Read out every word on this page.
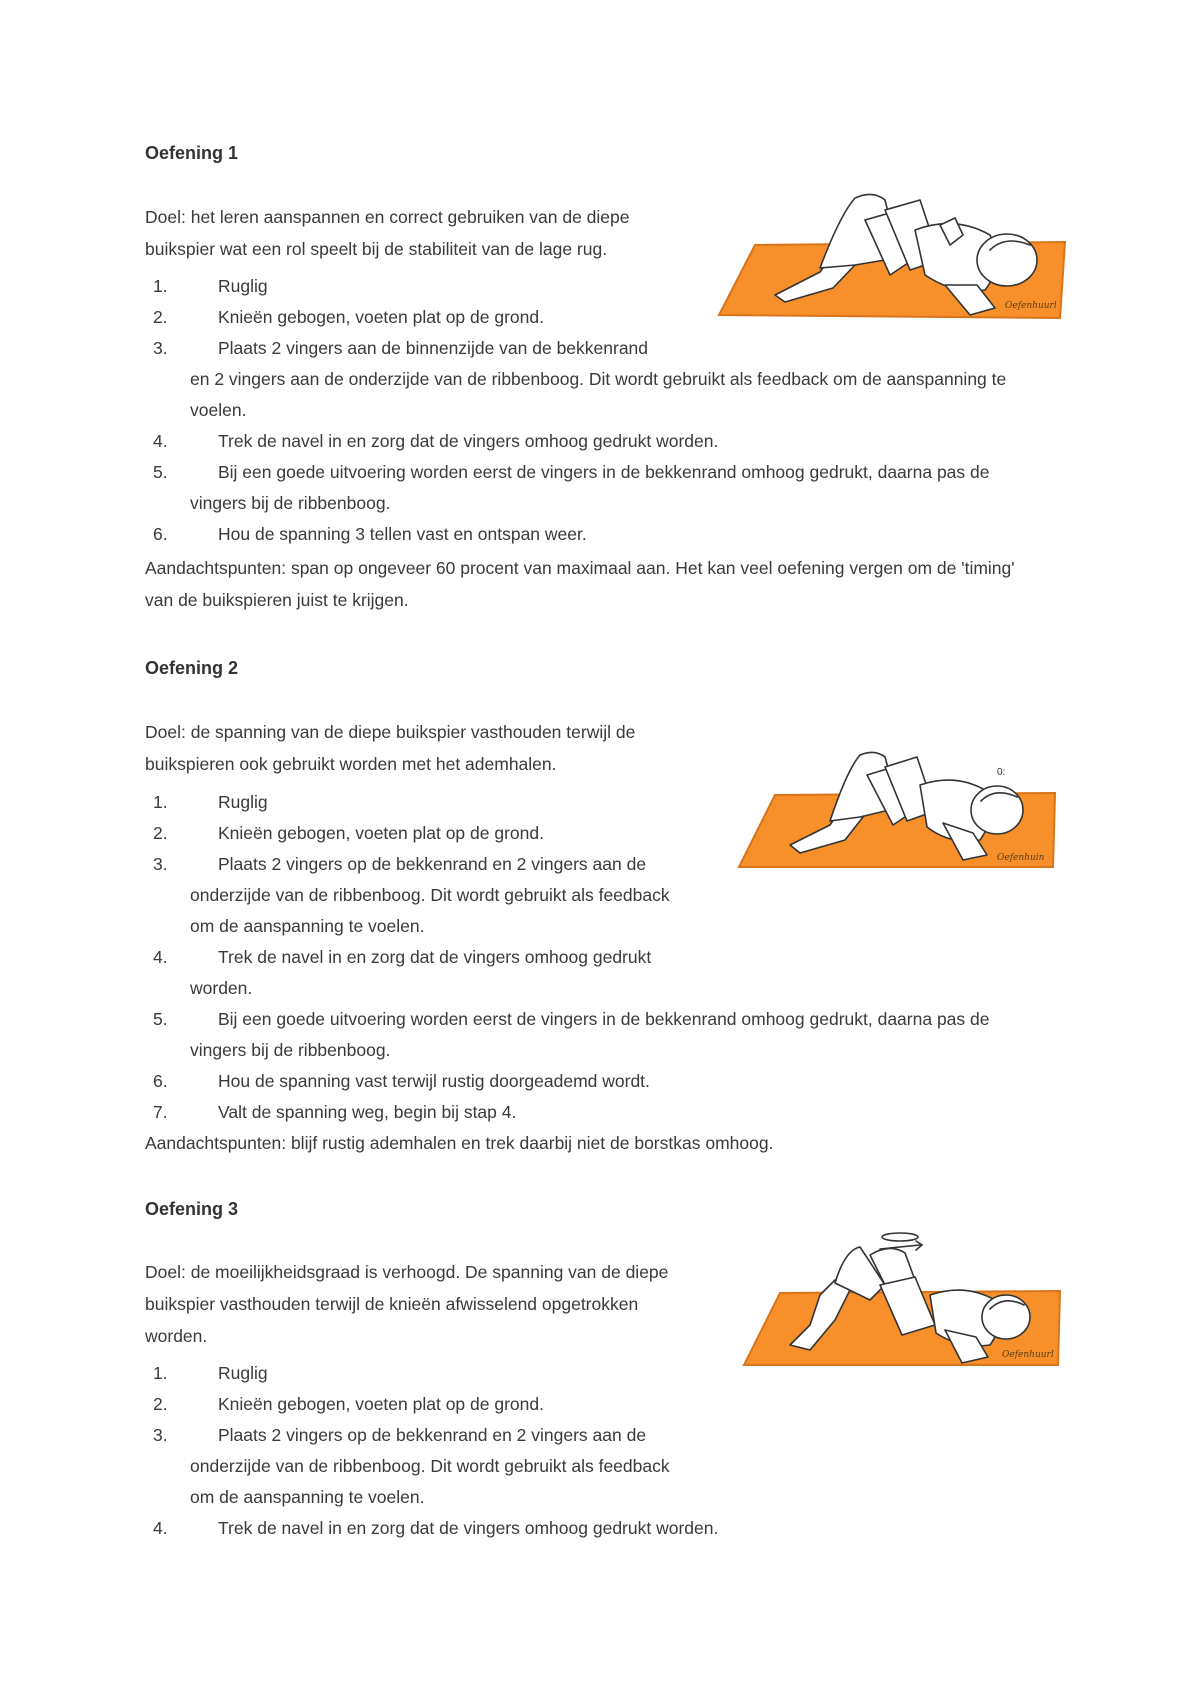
Oefening 1
Doel: het leren aanspannen en correct gebruiken van de diepe
buikspier wat een rol speelt bij de stabiliteit van de lage rug.
1.	Ruglig
2.	Knieën gebogen, voeten plat op de grond.
3.	Plaats 2 vingers aan de binnenzijde van de bekkenrand
en 2 vingers aan de onderzijde van de ribbenboog. Dit wordt gebruikt als feedback om de aanspanning te
voelen.
4.	Trek de navel in en zorg dat de vingers omhoog gedrukt worden.
5.	Bij een goede uitvoering worden eerst de vingers in de bekkenrand omhoog gedrukt, daarna pas de
vingers bij de ribbenboog.
6.	Hou de spanning 3 tellen vast en ontspan weer.
Aandachtspunten: span op ongeveer 60 procent van maximaal aan. Het kan veel oefening vergen om de 'timing'
van de buikspieren juist te krijgen.
Oefenhuurl
Oefening 2
Doel: de spanning van de diepe buikspier vasthouden terwijl de
buikspieren ook gebruikt worden met het ademhalen.
1.	Ruglig
2.	Knieën gebogen, voeten plat op de grond.
3.	Plaats 2 vingers op de bekkenrand en 2 vingers aan de
onderzijde van de ribbenboog. Dit wordt gebruikt als feedback
om de aanspanning te voelen.
4.	Trek de navel in en zorg dat de vingers omhoog gedrukt
worden.
5.	Bij een goede uitvoering worden eerst de vingers in de bekkenrand omhoog gedrukt, daarna pas de
vingers bij de ribbenboog.
6.	Hou de spanning vast terwijl rustig doorgeademd wordt.
7.	Valt de spanning weg, begin bij stap 4.
Aandachtspunten: blijf rustig ademhalen en trek daarbij niet de borstkas omhoog.
0:
Oefenhuin
Oefening 3
Doel: de moeilijkheidsgraad is verhoogd. De spanning van de diepe
buikspier vasthouden terwijl de knieën afwisselend opgetrokken
worden.
1.	Ruglig
2.	Knieën gebogen, voeten plat op de grond.
3.	Plaats 2 vingers op de bekkenrand en 2 vingers aan de
onderzijde van de ribbenboog. Dit wordt gebruikt als feedback
om de aanspanning te voelen.
4.	Trek de navel in en zorg dat de vingers omhoog gedrukt worden.
Oefenhuurl
